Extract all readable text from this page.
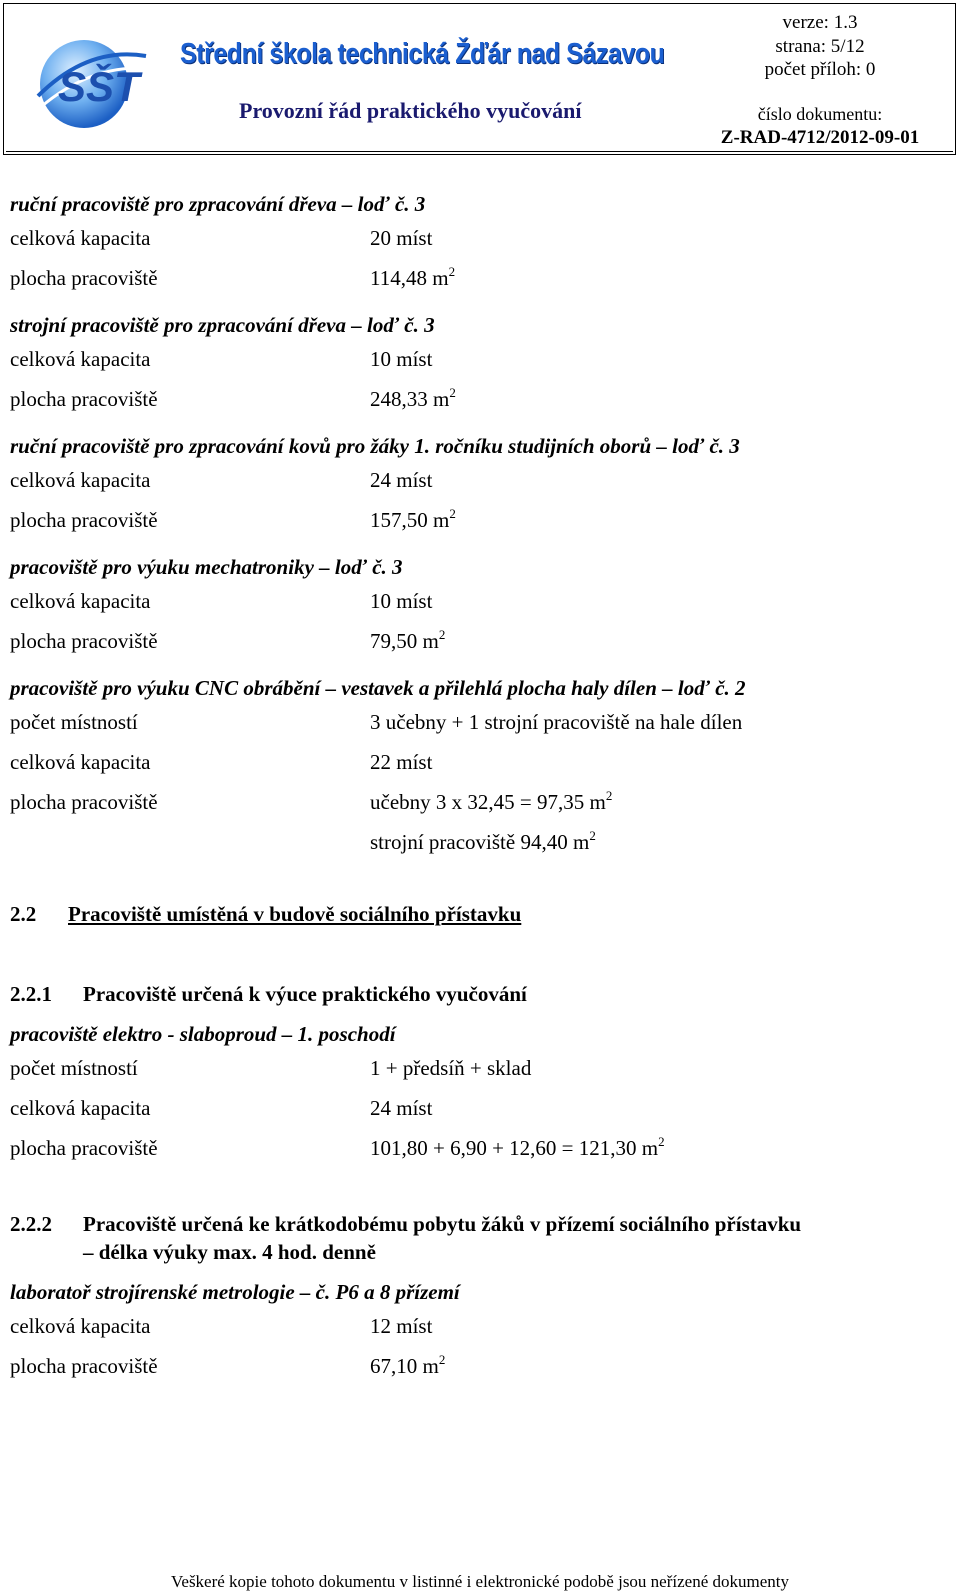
SŠT
Střední škola technická Žďár nad Sázavou
Provozní řád praktického vyučování
verze: 1.3
strana: 5/12
počet příloh: 0
číslo dokumentu:
Z-RAD-4712/2012-09-01
ruční pracoviště pro zpracování dřeva – loď č. 3
celková kapacita	20 míst
plocha pracoviště	114,48 $m^2$
strojní pracoviště pro zpracování dřeva – loď č. 3
celková kapacita	10 míst
plocha pracoviště	248,33 $m^2$
ruční pracoviště pro zpracování kovů pro žáky 1. ročníku studijních oborů – loď č. 3
celková kapacita	24 míst
plocha pracoviště	157,50 $m^2$
pracoviště pro výuku mechatroniky – loď č. 3
celková kapacita	10 míst
plocha pracoviště	79,50 $m^2$
pracoviště pro výuku CNC obrábění – vestavek a přilehlá plocha haly dílen – loď č. 2
počet místností	3 učebny + 1 strojní pracoviště na hale dílen
celková kapacita	22 míst
plocha pracoviště	učebny 3 x 32,45 = 97,35 $m^2$
strojní pracoviště 94,40 $m^2$
2.2	Pracoviště umístěná v budově sociálního přístavku
2.2.1	Pracoviště určená k výuce praktického vyučování
pracoviště elektro - slaboproud – 1. poschodí
počet místností	1 + předsíň + sklad
celková kapacita	24 míst
plocha pracoviště	101,80 + 6,90 + 12,60 = 121,30 $m^2$
2.2.2	Pracoviště určená ke krátkodobému pobytu žáků v přízemí sociálního přístavku
– délka výuky max. 4 hod. denně
laboratoř strojírenské metrologie – č. P6 a 8 přízemí
celková kapacita	12 míst
plocha pracoviště	67,10 $m^2$
Veškeré kopie tohoto dokumentu v listinné i elektronické podobě jsou neřízené dokumenty
